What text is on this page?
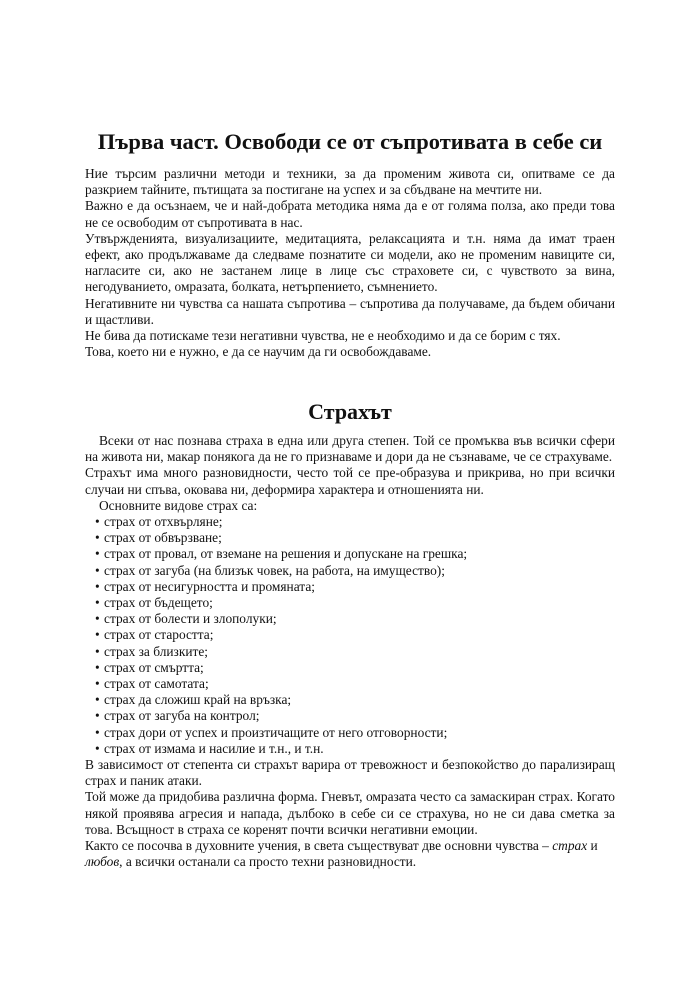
Първа част. Освободи се от съпротивата в себе си

Ние търсим различни методи и техники, за да променим живота си, опитваме се да разкрием тайните, пътищата за постигане на успех и за сбъдване на мечтите ни.

Важно е да осъзнаем, че и най-добрата методика няма да е от голяма полза, ако преди това не се освободим от съпротивата в нас.

Утвържденията, визуализациите, медитацията, релаксацията и т.н. няма да имат траен ефект, ако продължаваме да следваме познатите си модели, ако не променим навиците си, нагласите си, ако не застанем лице в лице със страховете си, с чувството за вина, негодуванието, омразата, болката, нетърпението, съмнението.

Негативните ни чувства са нашата съпротива – съпротива да получаваме, да бъдем обичани и щастливи.

Не бива да потискаме тези негативни чувства, не е необходимо и да се борим с тях.

Това, което ни е нужно, е да се научим да ги освобождаваме.

Страхът

Всеки от нас познава страха в една или друга степен. Той се промъква във всички сфери на живота ни, макар понякога да не го признаваме и дори да не съзнаваме, че се страхуваме.

Страхът има много разновидности, често той се пре-образува и прикрива, но при всички случаи ни спъва, оковава ни, деформира характера и отношенията ни.

Основните видове страх са:

• страх от отхвърляне;
• страх от обвързване;
• страх от провал, от вземане на решения и допускане на грешка;
• страх от загуба (на близък човек, на работа, на имущество);
• страх от несигурността и промяната;
• страх от бъдещето;
• страх от болести и злополуки;
• страх от старостта;
• страх за близките;
• страх от смъртта;
• страх от самотата;
• страх да сложиш край на връзка;
• страх от загуба на контрол;
• страх дори от успех и произтичащите от него отговорности;
• страх от измама и насилие и т.н., и т.н.

В зависимост от степента си страхът варира от тревожност и безпокойство до парализиращ страх и паник атаки.

Той може да придобива различна форма. Гневът, омразата често са замаскиран страх. Когато някой проявява агресия и напада, дълбоко в себе си се страхува, но не си дава сметка за това. Всъщност в страха се коренят почти всички негативни емоции.

Както се посочва в духовните учения, в света съществуват две основни чувства – страх и любов, а всички останали са просто техни разновидности.
